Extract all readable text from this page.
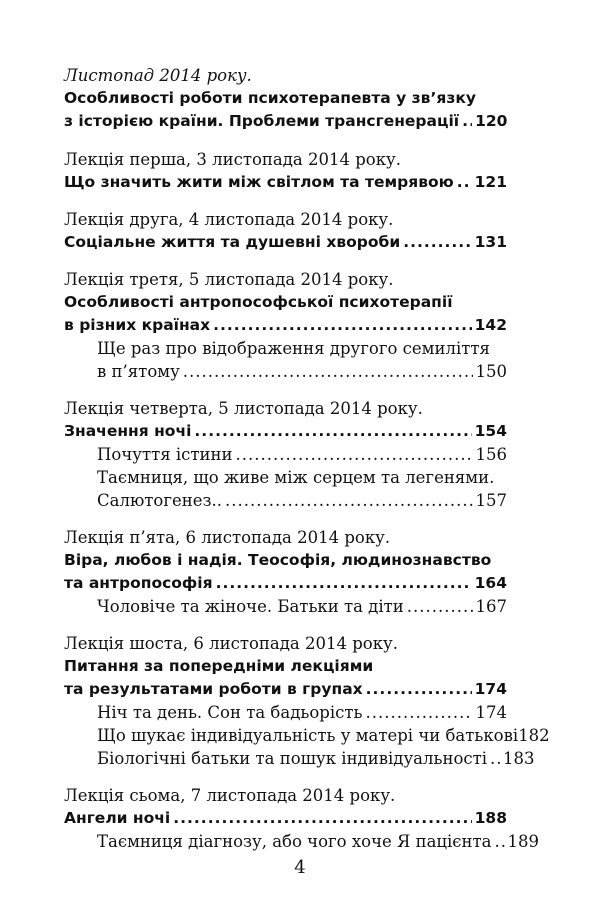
Листопад 2014 року.
Особливості роботи психотерапевта у зв’язку
з історією країни. Проблеми трансгенерації ..... 120
Лекція перша, 3 листопада 2014 року.
Що значить жити між світлом та темрявою ..... 121
Лекція друга, 4 листопада 2014 року.
Соціальне життя та душевні хвороби .....	131
Лекція третя, 5 листопада 2014 року.
Особливості антропософської психотерапії
в різних країнах .....	142
Ще раз про відображення другого семиліття
в п’ятому .....	150
Лекція четверта, 5 листопада 2014 року.
Значення ночі .....	154
Почуття істини .....	156
Таємниця, що живе між серцем та легенями.
Салютогенез.. .....	157
Лекція п’ята, 6 листопада 2014 року.
Віра, любов і надія. Теософія, людинознавство
та антропософія .....	164
Чоловіче та жіноче. Батьки та діти .....	167
Лекція шоста, 6 листопада 2014 року.
Питання за попередніми лекціями
та результатами роботи в групах .....	174
Ніч та день. Сон та бадьорість .....	174
Що шукає індивідуальність у матері чи батькові 182
Біологічні батьки та пошук індивідуальності ..... 183
Лекція сьома, 7 листопада 2014 року.
Ангели ночі .....	188
Таємниця діагнозу, або чого хоче Я пацієнта ..... 189
4
